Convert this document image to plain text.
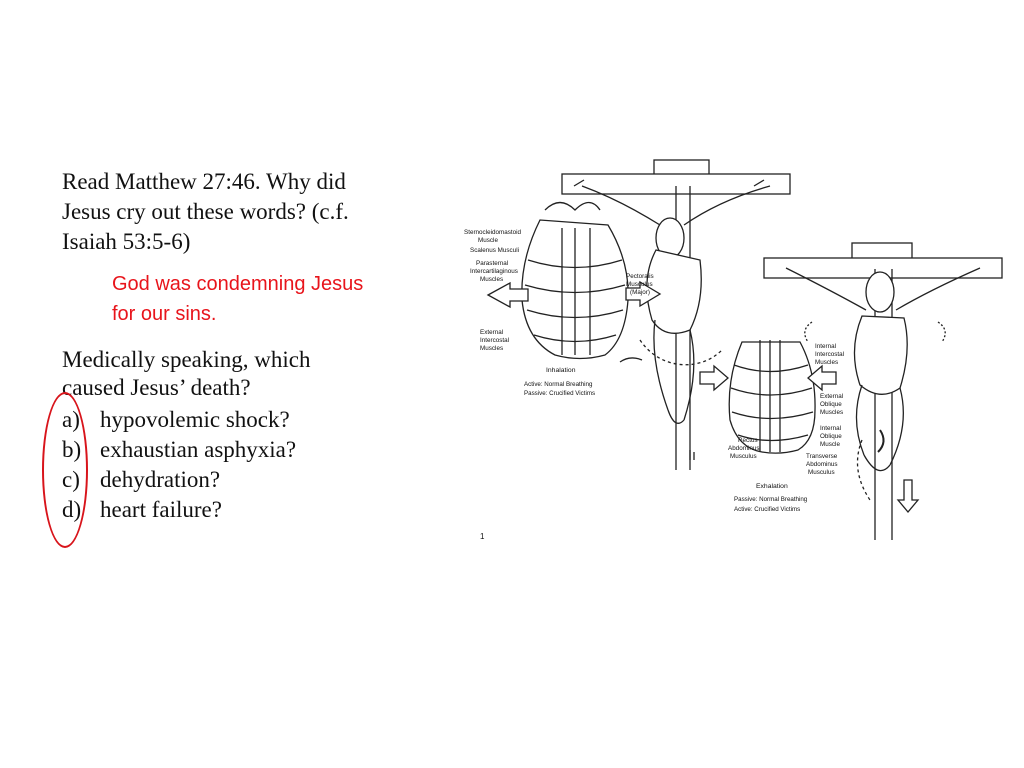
Read Matthew 27:46. Why did
Jesus cry out these words? (c.f.
Isaiah 53:5-6)
God was condemning Jesus
for our sins.
Medically speaking, which
caused Jesus’ death?
a) hypovolemic shock?
b) exhaustian asphyxia?
c) dehydration?
d) heart failure?
Sternocleidomastoid
Muscle
Scalenus Musculi
Parasternal
Intercartilaginous
Muscles
External
Intercostal
Muscles
Pectoralis
Musculus
(Major)
Inhalation
Active: Normal Breathing
Passive: Crucified Victims
Internal
Intercostal
Muscles
External
Oblique
Muscles
Internal
Oblique
Muscle
Rectus
Abdominus
Musculus	Transverse
Abdominus
Musculus
Exhalation
Passive: Normal Breathing
Active: Crucified Victims
1
